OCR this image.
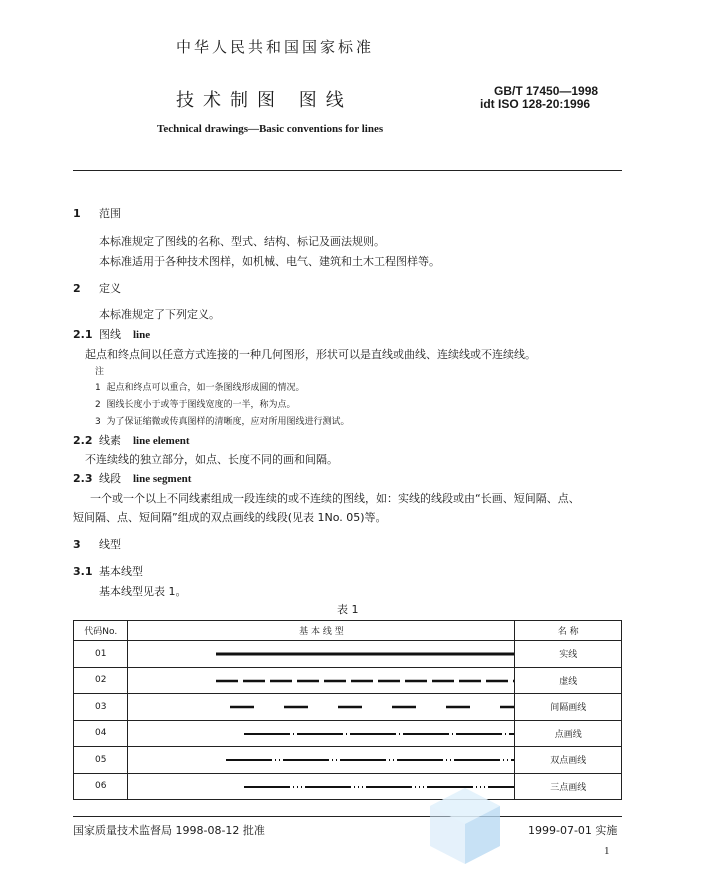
中华人民共和国国家标准
技术制图 图线	GB/T 17450—1998
idt ISO 128-20:1996
Technical drawings—Basic conventions for lines
1 范围
本标准规定了图线的名称、型式、结构、标记及画法规则。
本标准适用于各种技术图样，如机械、电气、建筑和土木工程图样等。
2 定义
本标准规定了下列定义。
2.1 图线 line
起点和终点间以任意方式连接的一种几何图形，形状可以是直线或曲线、连续线或不连续线。
注
1 起点和终点可以重合，如一条图线形成圆的情况。
2 图线长度小于或等于图线宽度的一半，称为点。
3 为了保证缩微或传真图样的清晰度，应对所用图线进行测试。
2.2 线素 line element
不连续线的独立部分，如点、长度不同的画和间隔。
2.3 线段 line segment
一个或一个以上不同线素组成一段连续的或不连续的图线，如：实线的线段或由“长画、短间隔、点、
短间隔、点、短间隔”组成的双点画线的线段(见表 1No. 05)等。
3 线型
3.1 基本线型
基本线型见表 1。
表 1
代码No.	基 本 线 型	名 称
01		实线
02		虚线
03		间隔画线
04		点画线
05		双点画线
06		三点画线
国家质量技术监督局 1998-08-12 批准	1999-07-01 实施
1
